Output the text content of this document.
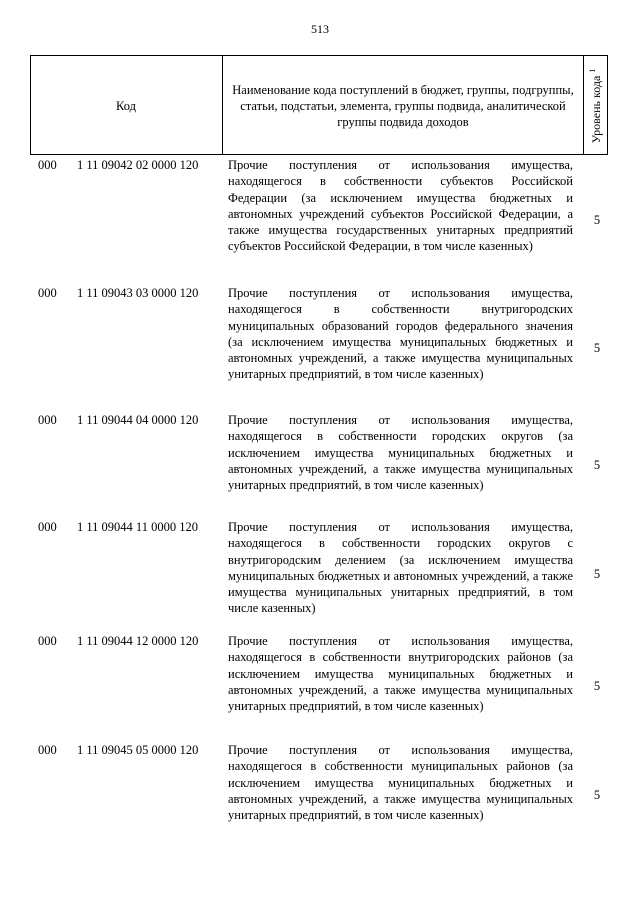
513
Код
Наименование кода поступлений в бюджет, группы, подгруппы, статьи, подстатьи, элемента, группы подвида, аналитической группы подвида доходов	Уровень кода $^1$
000 1 11 09042 02 0000 120 Прочие поступления от использования имущества, находящегося в собственности субъектов Российской Федерации (за исключением имущества бюджетных и автономных учреждений субъектов Российской Федерации, а также имущества государственных унитарных предприятий субъектов Российской Федерации, в том числе казенных)
5
000 1 11 09043 03 0000 120 Прочие поступления от использования имущества, находящегося в собственности внутригородских муниципальных образований городов федерального значения (за исключением имущества муниципальных бюджетных и автономных учреждений, а также имущества муниципальных унитарных предприятий, в том числе казенных)
5
000 1 11 09044 04 0000 120 Прочие поступления от использования имущества, находящегося в собственности городских округов (за исключением имущества муниципальных бюджетных и автономных учреждений, а также имущества муниципальных унитарных предприятий, в том числе казенных)
5
000 1 11 09044 11 0000 120 Прочие поступления от использования имущества, находящегося в собственности городских округов с внутригородским делением (за исключением имущества муниципальных бюджетных и автономных учреждений, а также имущества муниципальных унитарных предприятий, в том числе казенных)
5
000 1 11 09044 12 0000 120 Прочие поступления от использования имущества, находящегося в собственности внутригородских районов (за исключением имущества муниципальных бюджетных и автономных учреждений, а также имущества муниципальных унитарных предприятий, в том числе казенных)
5
000 1 11 09045 05 0000 120 Прочие поступления от использования имущества, находящегося в собственности муниципальных районов (за исключением имущества муниципальных бюджетных и автономных учреждений, а также имущества муниципальных унитарных предприятий, в том числе казенных)
5
